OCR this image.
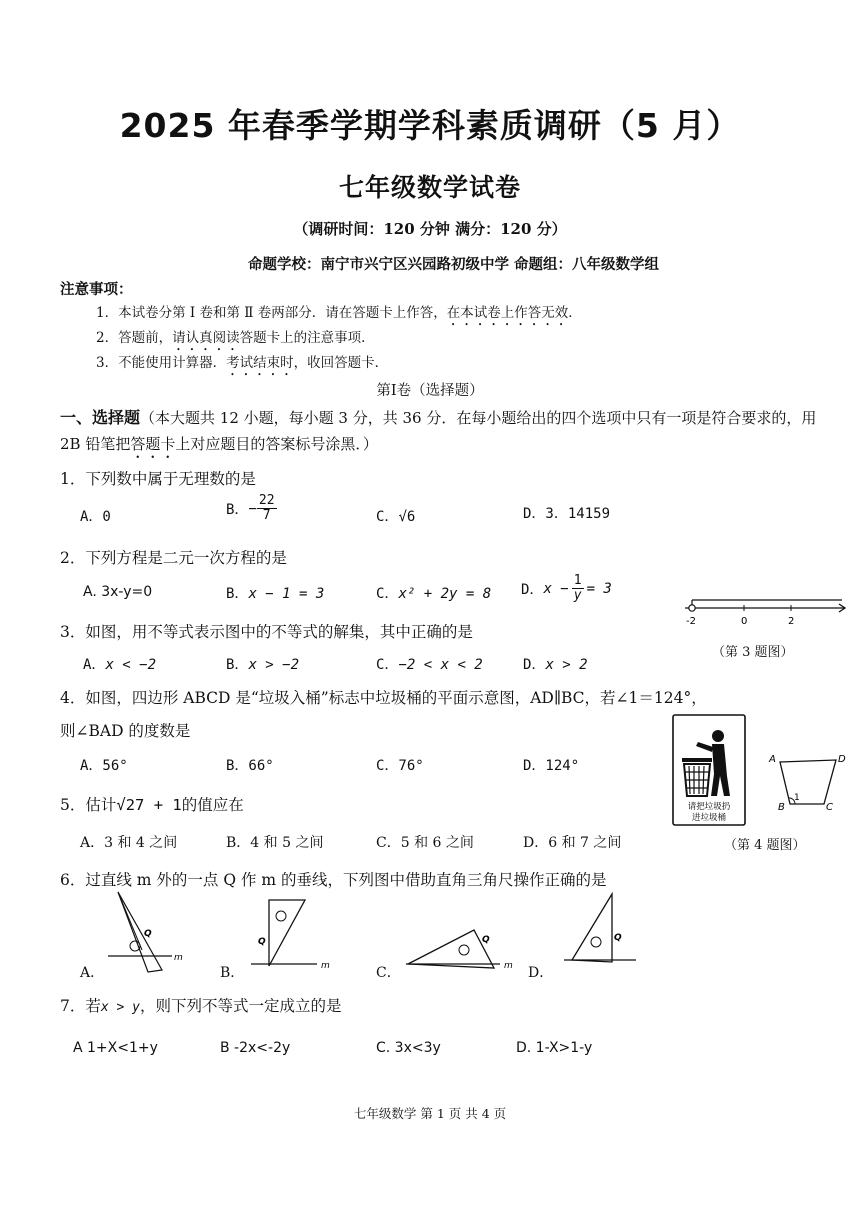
2025 年春季学期学科素质调研（5 月）
七年级数学试卷
（调研时间：120 分钟 满分：120 分）
命题学校：南宁市兴宁区兴园路初级中学 命题组：八年级数学组
注意事项：
1．本试卷分第 Ⅰ 卷和第 Ⅱ 卷两部分．请在答题卡上作答，在本试卷上作答无效．
2．答题前，请认真阅读答题卡上的注意事项．
3．不能使用计算器．考试结束时，收回答题卡．
第Ⅰ卷（选择题）
一、选择题（本大题共 12 小题，每小题 3 分，共 36 分．在每小题给出的四个选项中只有一项是符合要求的，用 2B 铅笔把答题卡上对应题目的答案标号涂黑．）
1．下列数中属于无理数的是
A．0	B．− $\frac{22}{7}$	C．√6	D．3．14159
2．下列方程是二元一次方程的是
A. 3x-y=0	B．x − 1 = 3	C．x² + 2y = 8 D．$x - \frac{1}{y} = 3$
-2	0	2
3．如图，用不等式表示图中的不等式的解集，其中正确的是
A．x < −2	B．x > −2	C．−2 < x < 2	D．x > 2
（第 3 题图）
4．如图，四边形 ABCD 是“垃圾入桶”标志中垃圾桶的平面示意图，AD∥BC，若∠1＝124°，
则∠BAD 的度数是
A．56°	B．66°	C．76°	D．124°
请把垃圾扔
进垃圾桶
A	D
B	C
1
5．估计√27 + 1的值应在
A．3 和 4 之间	B．4 和 5 之间	C．5 和 6 之间	D．6 和 7 之间	（第 4 题图）
6．过直线 m 外的一点 Q 作 m 的垂线，下列图中借助直角三角尺操作正确的是
Q
m
A．
Q
m
B．
Q
m
C．
Q
D．
7．若x > y，则下列不等式一定成立的是
A 1+X<1+y	B -2x<-2y	C. 3x<3y	D. 1-X>1-y
七年级数学 第 1 页 共 4 页
